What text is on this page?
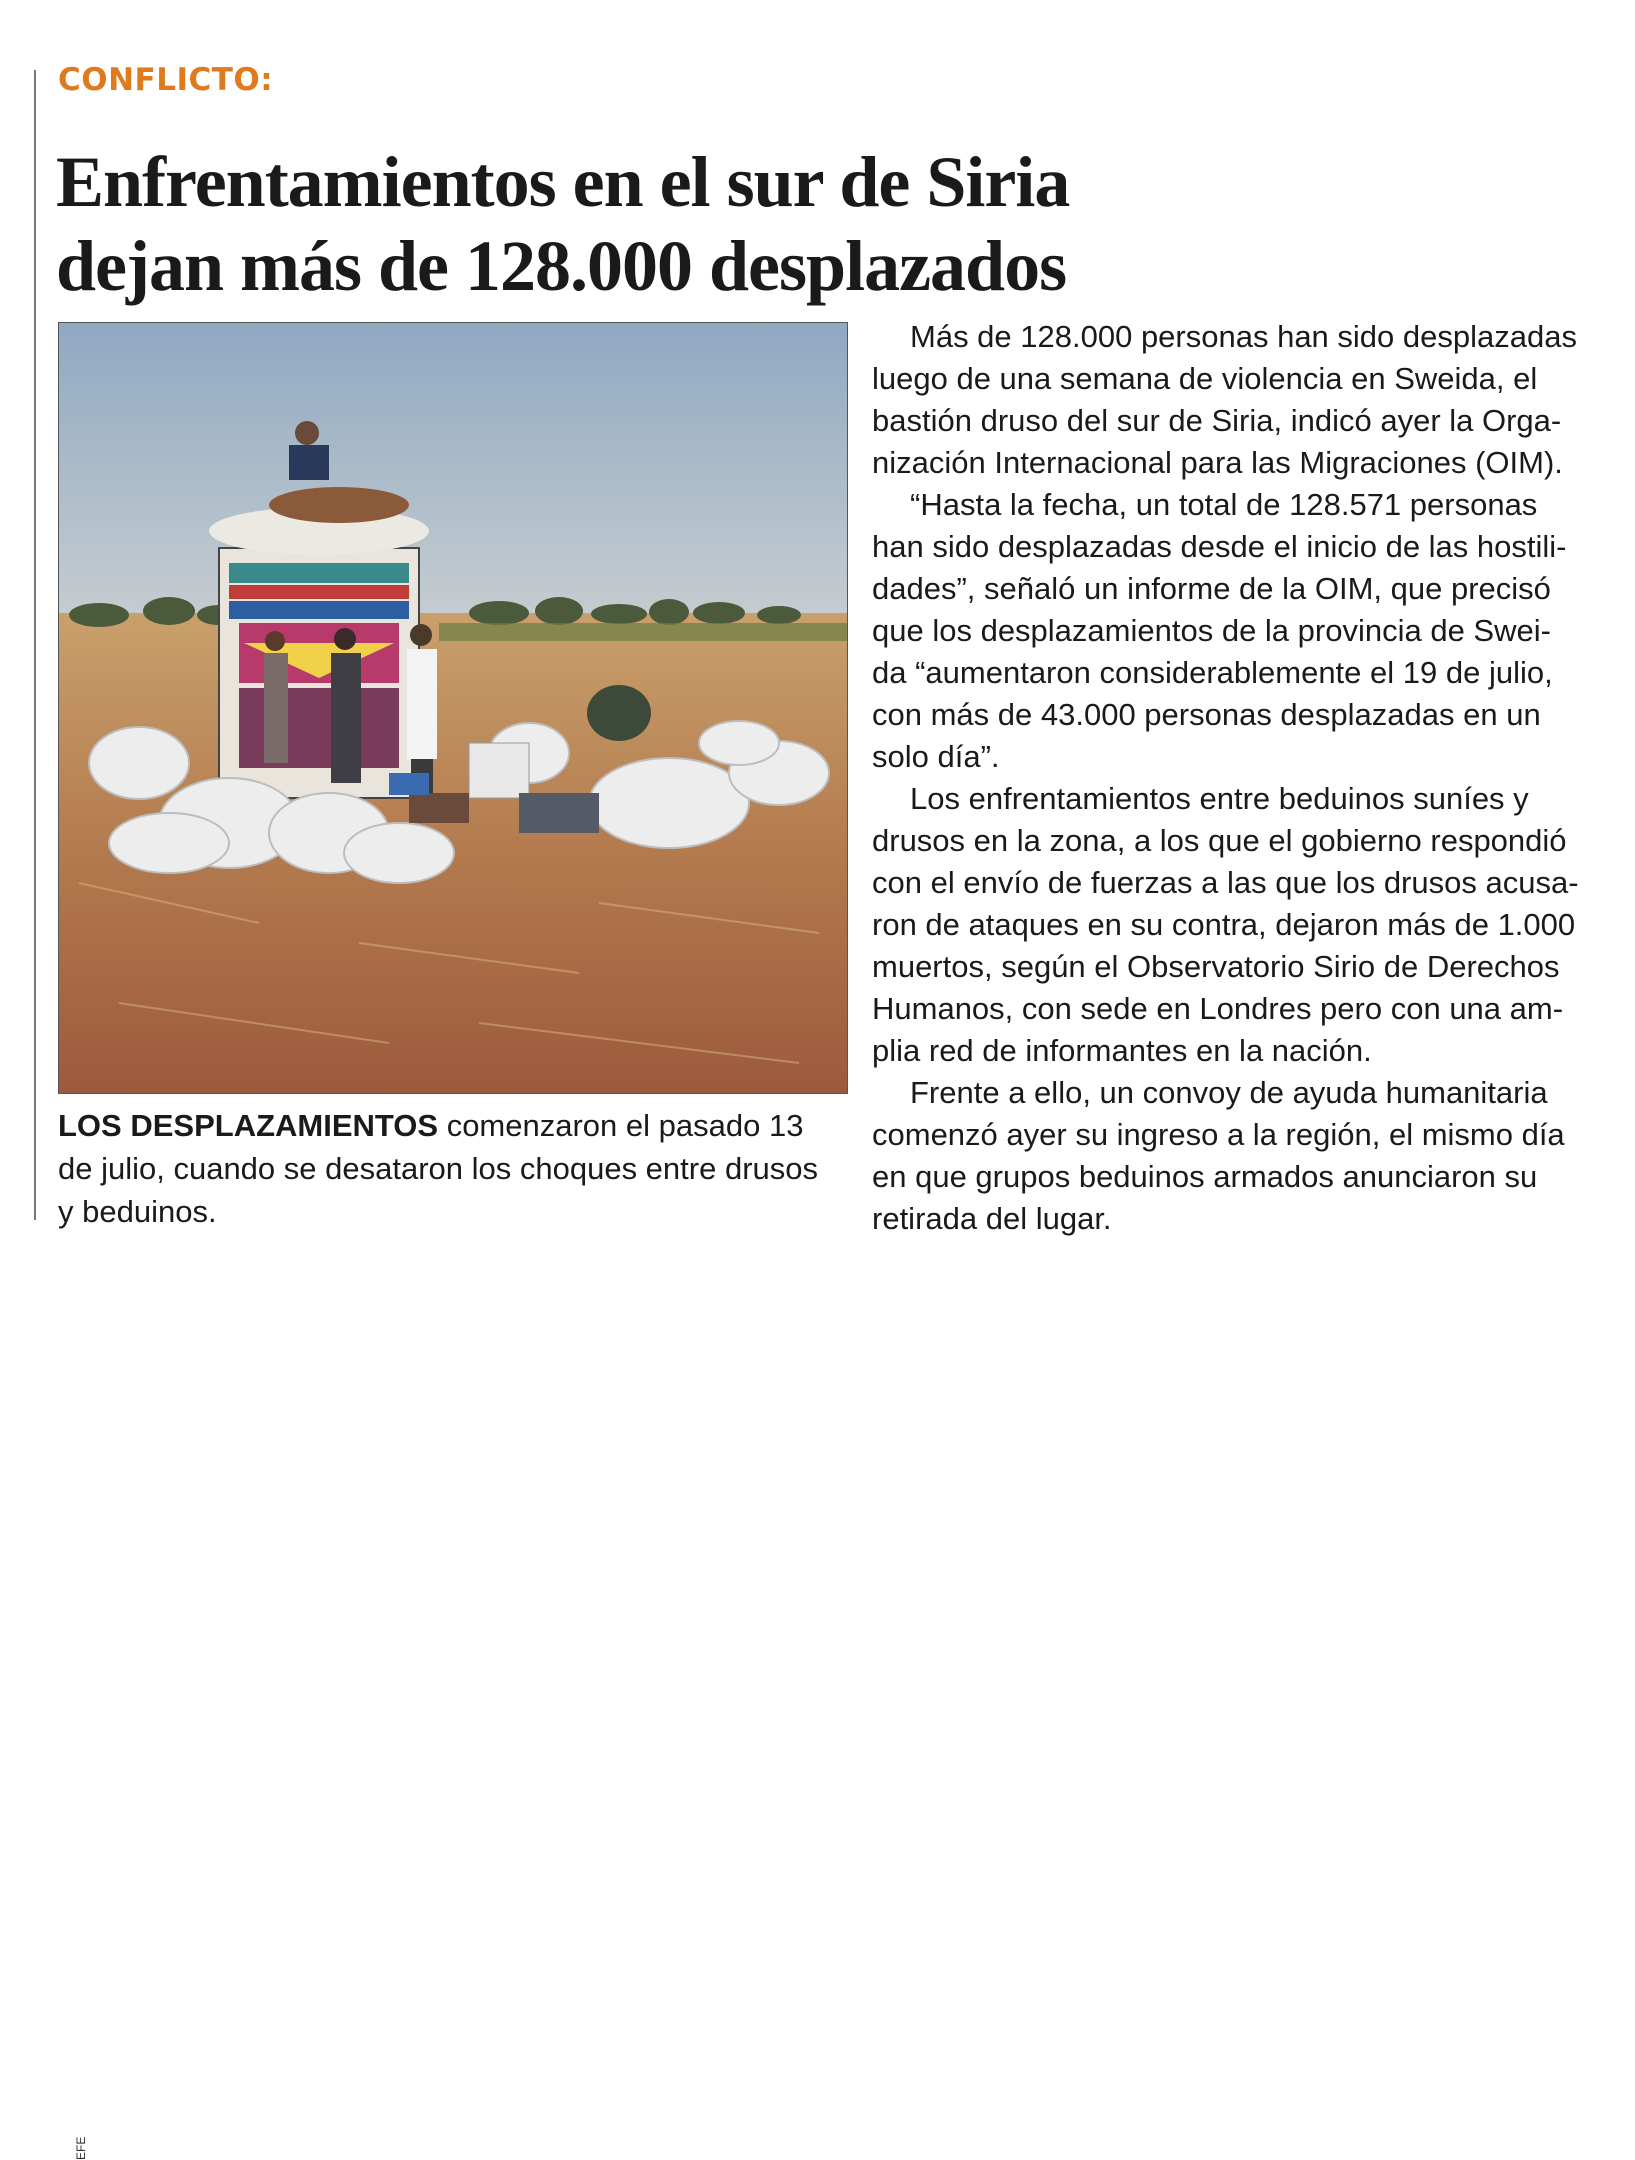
CONFLICTO:
Enfrentamientos en el sur de Siria
dejan más de 128.000 desplazados
EFE

LOS DESPLAZAMIENTOS comenzaron el pasado 13
de julio, cuando se desataron los choques entre drusos
y beduinos.

Más de 128.000 personas han sido desplazadas
luego de una semana de violencia en Sweida, el
bastión druso del sur de Siria, indicó ayer la Orga-
nización Internacional para las Migraciones (OIM).

“Hasta la fecha, un total de 128.571 personas
han sido desplazadas desde el inicio de las hostili-
dades”, señaló un informe de la OIM, que precisó
que los desplazamientos de la provincia de Swei-
da “aumentaron considerablemente el 19 de julio,
con más de 43.000 personas desplazadas en un
solo día”.

Los enfrentamientos entre beduinos suníes y
drusos en la zona, a los que el gobierno respondió
con el envío de fuerzas a las que los drusos acusa-
ron de ataques en su contra, dejaron más de 1.000
muertos, según el Observatorio Sirio de Derechos
Humanos, con sede en Londres pero con una am-
plia red de informantes en la nación.

Frente a ello, un convoy de ayuda humanitaria
comenzó ayer su ingreso a la región, el mismo día
en que grupos beduinos armados anunciaron su
retirada del lugar.
